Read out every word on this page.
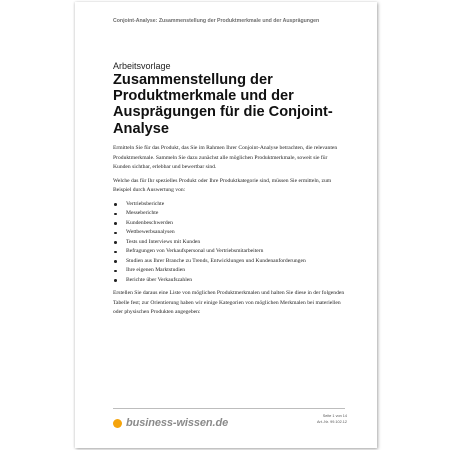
Conjoint-Analyse: Zusammenstellung der Produktmerkmale und der Ausprägungen
Arbeitsvorlage
Zusammenstellung der Produktmerkmale und der Ausprägungen für die Conjoint-Analyse

Ermitteln Sie für das Produkt, das Sie im Rahmen Ihrer Conjoint-Analyse betrachten, die relevanten Produktmerkmale. Sammeln Sie dazu zunächst alle möglichen Produktmerkmale, soweit sie für Kunden sichtbar, erlebbar und bewertbar sind.

Welche das für Ihr spezielles Produkt oder Ihre Produktkategorie sind, müssen Sie ermitteln, zum Beispiel durch Auswertung von:

Vertriebsberichte
Messeberichte
Kundenbeschwerden
Wettbewerbsanalysen
Tests und Interviews mit Kunden
Befragungen von Verkaufspersonal und Vertriebsmitarbeitern
Studien aus Ihrer Branche zu Trends, Entwicklungen und Kundenanforderungen
Ihre eigenen Marktstudien
Berichte über Verkaufszahlen

Erstellen Sie daraus eine Liste von möglichen Produktmerkmalen und halten Sie diese in der folgenden Tabelle fest; zur Orientierung haben wir einige Kategorien von möglichen Merkmalen bei materiellen oder physischen Produkten angegeben:

business-wissen.de
Seite 1 von 14
Art.-Nr. 99.102.12
